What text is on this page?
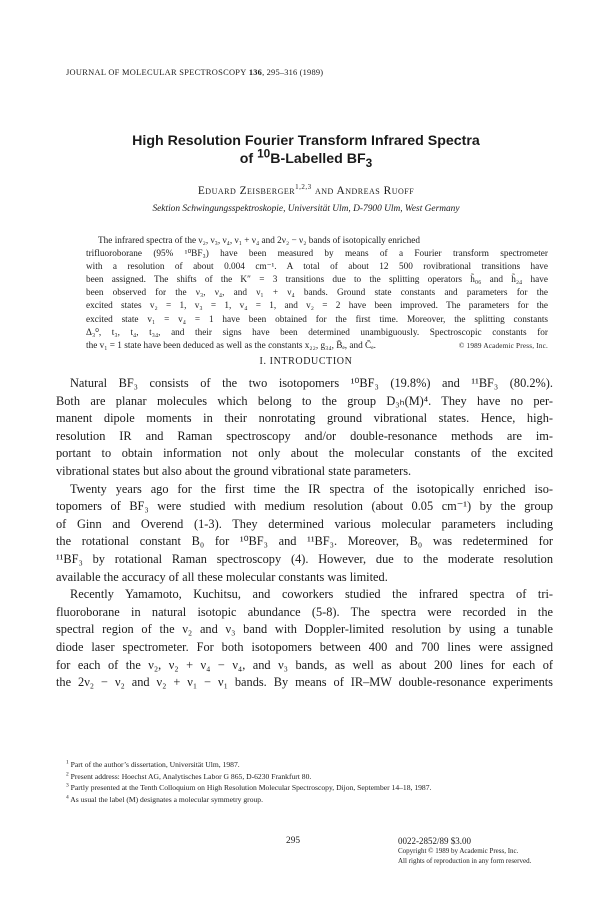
JOURNAL OF MOLECULAR SPECTROSCOPY 136, 295–316 (1989)
High Resolution Fourier Transform Infrared Spectra
of $^{10}$B-Labelled $BF_3$
Eduard Zeisberger$^{1,2,3}$ and Andreas Ruoff
Sektion Schwingungsspektroskopie, Universität Ulm, D-7900 Ulm, West Germany

The infrared spectra of the ν₂, ν₃, ν₄, ν₁ + ν₄ and 2ν₂ − ν₂ bands of isotopically enriched

trifluoroborane (95% ¹⁰BF₃) have been measured by means of a Fourier transform spectrometer
with a resolution of about 0.004 cm⁻¹. A total of about 12 500 rovibrational transitions have
been assigned. The shifts of the K″ = 3 transitions due to the splitting operators h̃₀₆ and h̃₂₄ have
been observed for the ν₃, ν₄, and ν₁ + ν₄ bands. Ground state constants and parameters for the
excited states v₂ = 1, v₃ = 1, v₄ = 1, and v₂ = 2 have been improved. The parameters for the
excited state v₁ = v₄ = 1 have been obtained for the first time. Moreover, the splitting constants
Δ₃⁰, t₃, t₄, t₃₄, and their signs have been determined unambiguously. Spectroscopic constants for
the v₁ = 1 state have been deduced as well as the constants x₂₂, g₃₄, B̄ₑ, and C̄ₑ.	© 1989 Academic Press, Inc.
I. INTRODUCTION
Natural BF₃ consists of the two isotopomers ¹⁰BF₃ (19.8%) and ¹¹BF₃ (80.2%).
Both are planar molecules which belong to the group D₃ₕ(M)⁴. They have no per-
manent dipole moments in their nonrotating ground vibrational states. Hence, high-
resolution IR and Raman spectroscopy and/or double-resonance methods are im-
portant to obtain information not only about the molecular constants of the excited
vibrational states but also about the ground vibrational state parameters.
Twenty years ago for the first time the IR spectra of the isotopically enriched iso-
topomers of BF₃ were studied with medium resolution (about 0.05 cm⁻¹) by the group
of Ginn and Overend (1-3). They determined various molecular parameters including
the rotational constant B₀ for ¹⁰BF₃ and ¹¹BF₃. Moreover, B₀ was redetermined for
¹¹BF₃ by rotational Raman spectroscopy (4). However, due to the moderate resolution
available the accuracy of all these molecular constants was limited.
Recently Yamamoto, Kuchitsu, and coworkers studied the infrared spectra of tri-
fluoroborane in natural isotopic abundance (5-8). The spectra were recorded in the
spectral region of the ν₂ and ν₃ band with Doppler-limited resolution by using a tunable
diode laser spectrometer. For both isotopomers between 400 and 700 lines were assigned
for each of the ν₂, ν₂ + ν₄ − ν₄, and ν₃ bands, as well as about 200 lines for each of
the 2ν₂ − ν₂ and ν₂ + ν₁ − ν₁ bands. By means of IR–MW double-resonance experiments

$^1$ Part of the author’s dissertation, Universität Ulm, 1987.

$^2$ Present address: Hoechst AG, Analytisches Labor G 865, D-6230 Frankfurt 80.

$^3$ Partly presented at the Tenth Colloquium on High Resolution Molecular Spectroscopy, Dijon, September 14–18, 1987.

$^4$ As usual the label (M) designates a molecular symmetry group.

295	0022-2852/89 $3.00
Copyright © 1989 by Academic Press, Inc.
All rights of reproduction in any form reserved.
